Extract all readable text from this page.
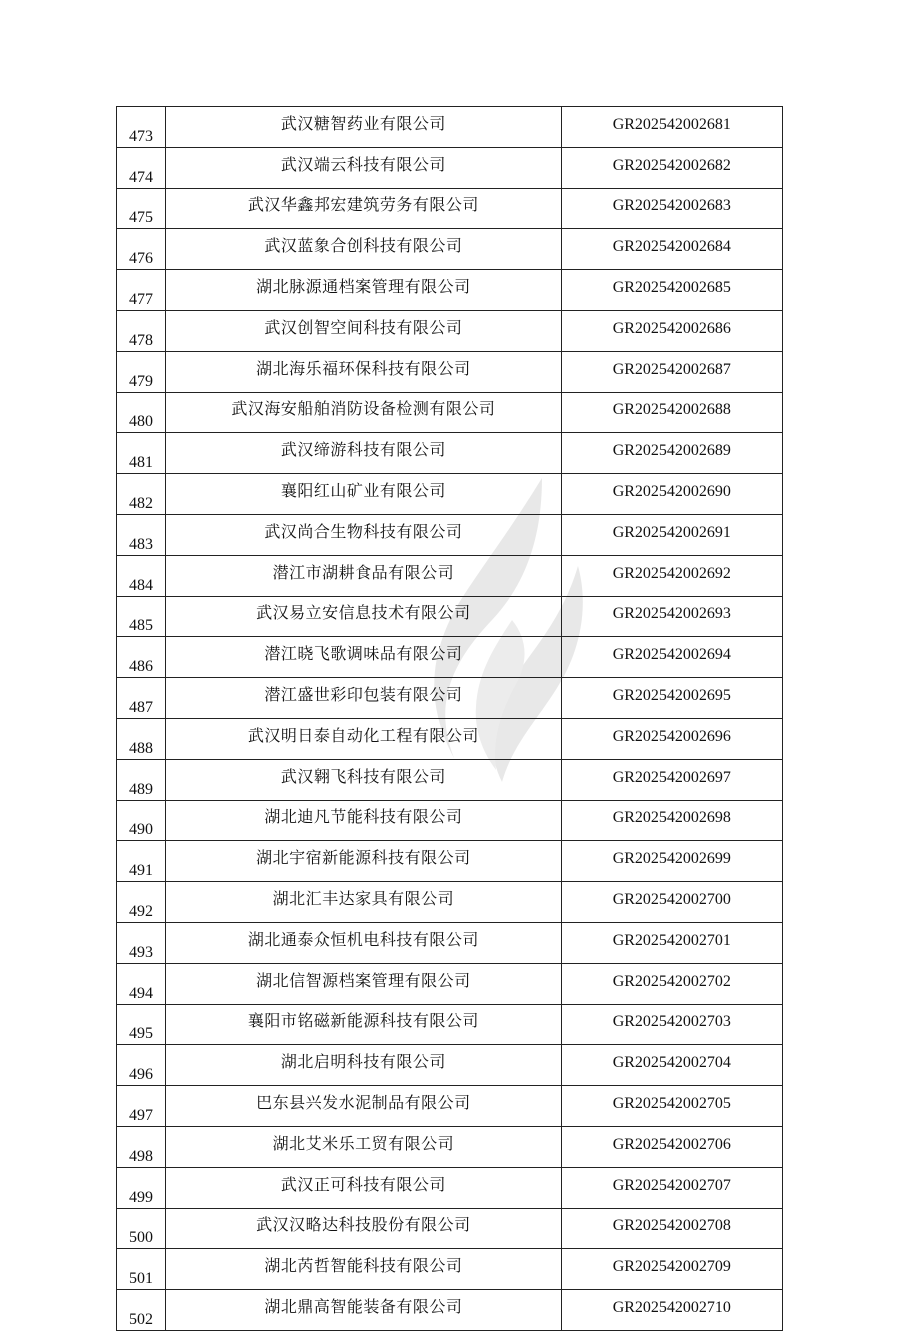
473	武汉糖智药业有限公司	GR202542002681
474	武汉端云科技有限公司	GR202542002682
475	武汉华鑫邦宏建筑劳务有限公司	GR202542002683
476	武汉蓝象合创科技有限公司	GR202542002684
477	湖北脉源通档案管理有限公司	GR202542002685
478	武汉创智空间科技有限公司	GR202542002686
479	湖北海乐福环保科技有限公司	GR202542002687
480	武汉海安船舶消防设备检测有限公司	GR202542002688
481	武汉缔游科技有限公司	GR202542002689
482	襄阳红山矿业有限公司	GR202542002690
483	武汉尚合生物科技有限公司	GR202542002691
484	潜江市湖耕食品有限公司	GR202542002692
485	武汉易立安信息技术有限公司	GR202542002693
486	潜江晓飞歌调味品有限公司	GR202542002694
487	潜江盛世彩印包装有限公司	GR202542002695
488	武汉明日泰自动化工程有限公司	GR202542002696
489	武汉翱飞科技有限公司	GR202542002697
490	湖北迪凡节能科技有限公司	GR202542002698
491	湖北宇宿新能源科技有限公司	GR202542002699
492	湖北汇丰达家具有限公司	GR202542002700
493	湖北通泰众恒机电科技有限公司	GR202542002701
494	湖北信智源档案管理有限公司	GR202542002702
495	襄阳市铭磁新能源科技有限公司	GR202542002703
496	湖北启明科技有限公司	GR202542002704
497	巴东县兴发水泥制品有限公司	GR202542002705
498	湖北艾米乐工贸有限公司	GR202542002706
499	武汉正可科技有限公司	GR202542002707
500	武汉汉略达科技股份有限公司	GR202542002708
501	湖北芮哲智能科技有限公司	GR202542002709
502	湖北鼎高智能装备有限公司	GR202542002710
